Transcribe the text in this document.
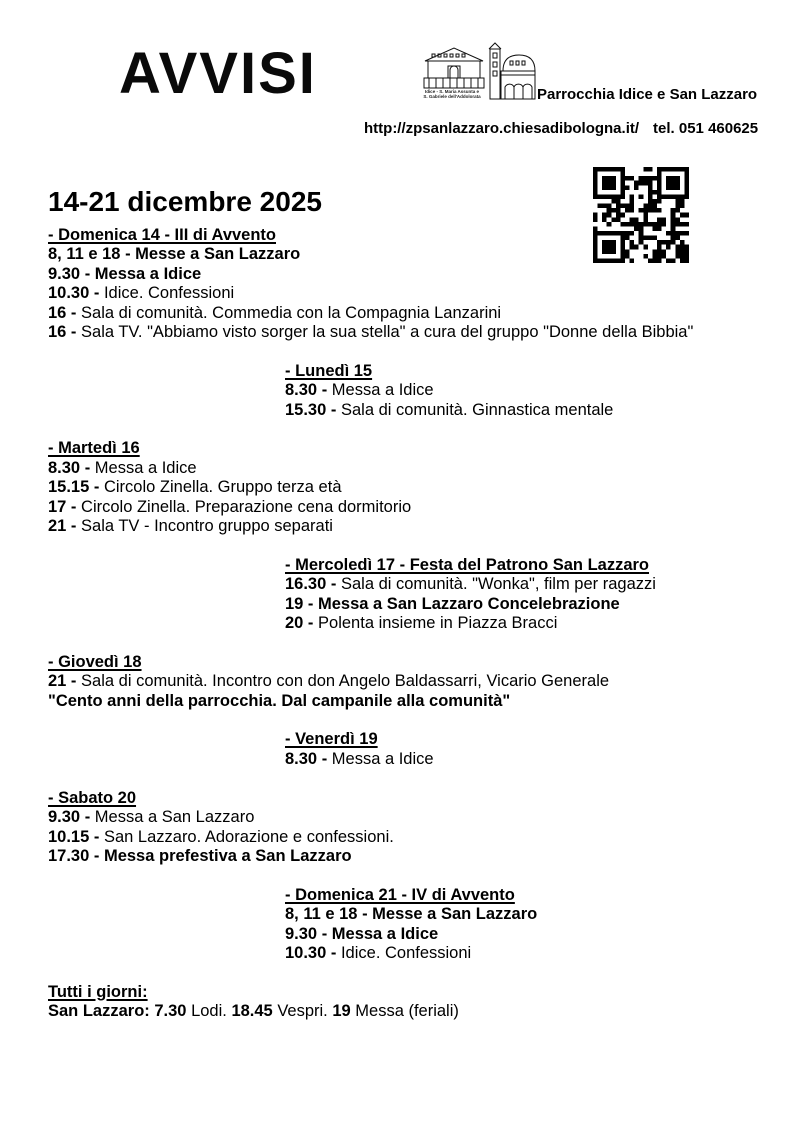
AVVISI	Idice - S. Maria Assunta e
S. Gabriele dell'Addolorata	Parrocchia Idice e San Lazzaro
http://zpsanlazzaro.chiesadibologna.it/ tel. 051 460625
14-21 dicembre 2025
- Domenica 14 - III di Avvento
8, 11 e 18 - Messe a San Lazzaro
9.30 - Messa a Idice
10.30 - Idice. Confessioni
16 - Sala di comunità. Commedia con la Compagnia Lanzarini
16 - Sala TV. "Abbiamo visto sorger la sua stella" a cura del gruppo "Donne della Bibbia"
- Lunedì 15
8.30 - Messa a Idice
15.30 - Sala di comunità. Ginnastica mentale
- Martedì 16
8.30 - Messa a Idice
15.15 - Circolo Zinella. Gruppo terza età
17 - Circolo Zinella. Preparazione cena dormitorio
21 - Sala TV - Incontro gruppo separati
- Mercoledì 17 - Festa del Patrono San Lazzaro
16.30 - Sala di comunità. "Wonka", film per ragazzi
19 - Messa a San Lazzaro Concelebrazione
20 - Polenta insieme in Piazza Bracci
- Giovedì 18
21 - Sala di comunità. Incontro con don Angelo Baldassarri, Vicario Generale
"Cento anni della parrocchia. Dal campanile alla comunità"
- Venerdì 19
8.30 - Messa a Idice
- Sabato 20
9.30 - Messa a San Lazzaro
10.15 - San Lazzaro. Adorazione e confessioni.
17.30 - Messa prefestiva a San Lazzaro
- Domenica 21 - IV di Avvento
8, 11 e 18 - Messe a San Lazzaro
9.30 - Messa a Idice
10.30 - Idice. Confessioni
Tutti i giorni:
San Lazzaro: 7.30 Lodi. 18.45 Vespri. 19 Messa (feriali)
